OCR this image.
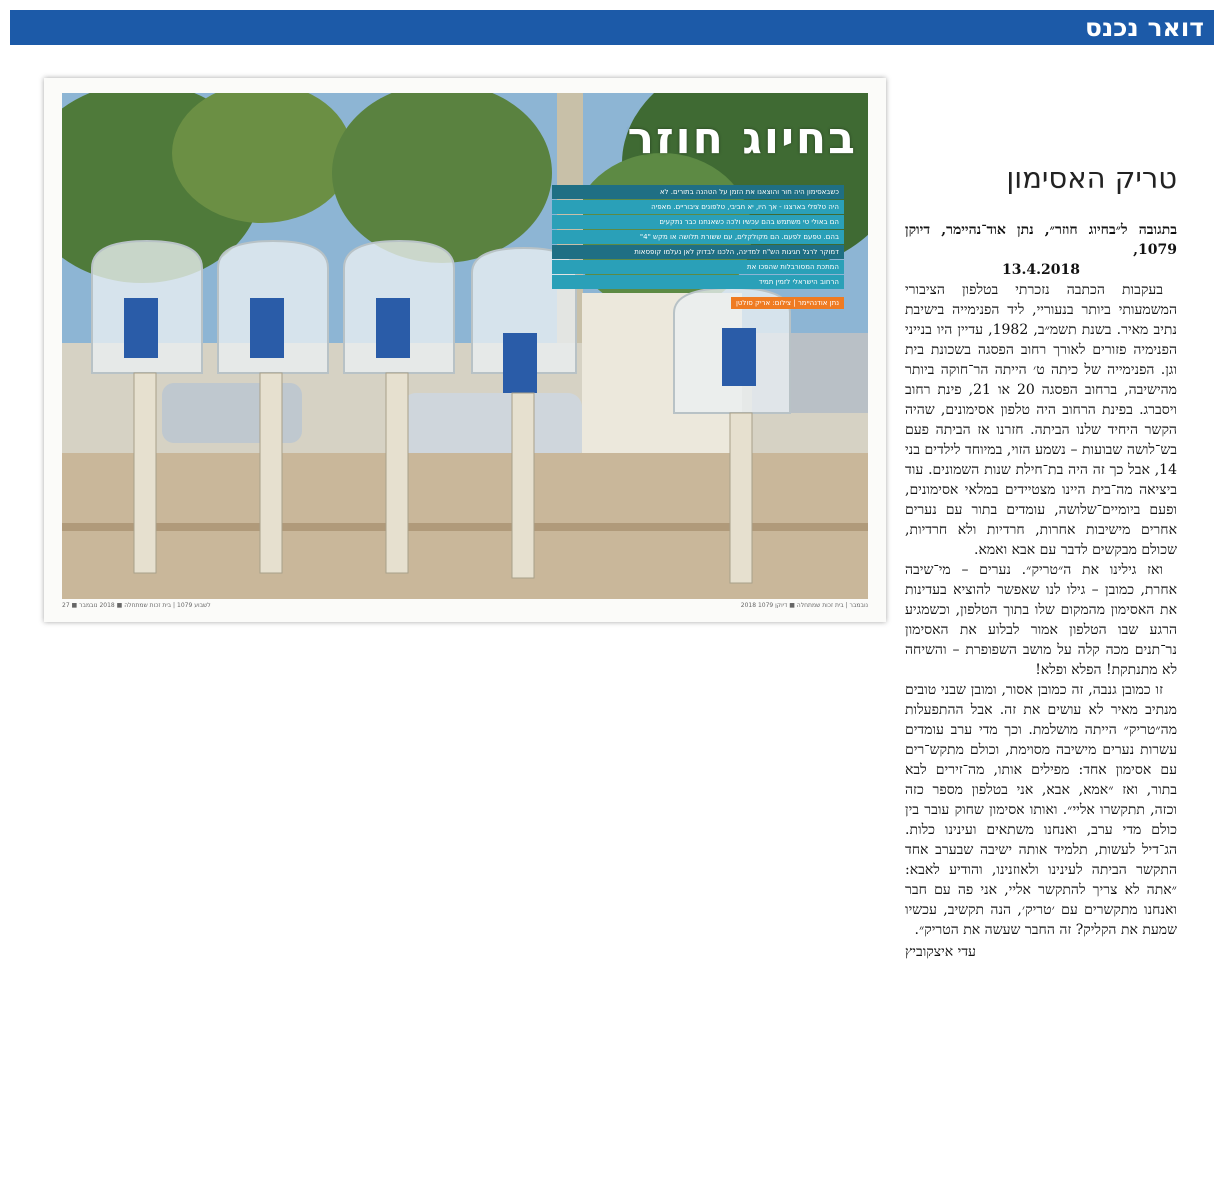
דואר נכנס
בחיוג חוזר
כשבאסימון היה חור והוצאנו את הזמן על הטהנה בתורים. לא
היה טלפלי בארצנו - אך היו, יא חביבי, טלפונים ציבוריים. מאפיה
הם באולי טי משתמש בהם עכשיו ולכה כשאנחנו כבר נתקעים
בהם. טפעם לפעם. הם מקולקלים, עם ששורת תלושה או מקש "4"
דמוקר לרגל חגיגות הש"ח למדינה, הלכנו לבדוק לאן נעלמו קופסאות
המתכת המסורבלות שהפכו את
הרחוב הישראלי לזמין תמיד
נתן אודנהיימר | צילום: אריק סולטן
27 ■ לשבוע 1079 | בית זכות שמתחלה ■ 2018 נובמבר	2018 נובמבר | בית זכות שמתחלה ■ דיוקן 1079
טריק האסימון

בתגובה ל״בחיוג חוזר״, נתן אוד־נהיימר, דיוקן 1079,
13.4.2018

בעקבות הכתבה נזכרתי בטלפון הציבורי המשמעותי ביותר בנעוריי, ליד הפנימייה בישיבת נתיב מאיר. בשנת תשמ״ב, 1982, עדיין היו בנייני הפנימיה פזורים לאורך רחוב הפסגה בשכונת בית וגן. הפנימייה של כיתה ט׳ הייתה הר־חוקה ביותר מהישיבה, ברחוב הפסגה 20 או 21, פינת רחוב ויסברג. בפינת הרחוב היה טלפון אסימונים, שהיה הקשר היחיד שלנו הביתה. חזרנו אז הביתה פעם בש־לושה שבועות – נשמע הזוי, במיוחד לילדים בני 14, אבל כך זה היה בת־חילת שנות השמונים. עוד ביציאה מה־בית היינו מצטיידים במלאי אסימונים, ופעם ביומיים־שלושה, עומדים בתור עם נערים אחרים מישיבות אחרות, חרדיות ולא חרדיות, שכולם מבקשים לדבר עם אבא ואמא.

ואז גילינו את ה״טריק״. נערים – מי־שיבה אחרת, כמובן – גילו לנו שאפשר להוציא בעדינות את האסימון מהמקום שלו בתוך הטלפון, וכשמגיע הרגע שבו הטלפון אמור לבלוע את האסימון נר־תנים מכה קלה על מושב השפופרת – והשיחה לא מתנתקת! הפלא ופלא!

זו כמובן גנבה, זה כמובן אסור, ומובן שבני טובים מנתיב מאיר לא עושים את זה. אבל ההתפעלות מה״טריק״ הייתה מושלמת. וכך מדי ערב עומדים עשרות נערים מישיבה מסוימת, וכולם מתקש־רים עם אסימון אחד: מפילים אותו, מה־זירים לבא בתור, ואז ״אמא, אבא, אני בטלפון מספר כזה וכזה, תתקשרו אליי״. ואותו אסימון שחוק עובר בין כולם מדי ערב, ואנחנו משתאים ועינינו כלות. הג־דיל לעשות, תלמיד אותה ישיבה שבערב אחד התקשר הביתה לעינינו ולאוזנינו, והודיע לאבא: ״אתה לא צריך להתקשר אליי, אני פה עם חבר ואנחנו מתקשרים עם ׳טריק׳, הנה תקשיב, עכשיו שמעת את הקליק? זה החבר שעשה את הטריק״.

עדי איצקוביץ
